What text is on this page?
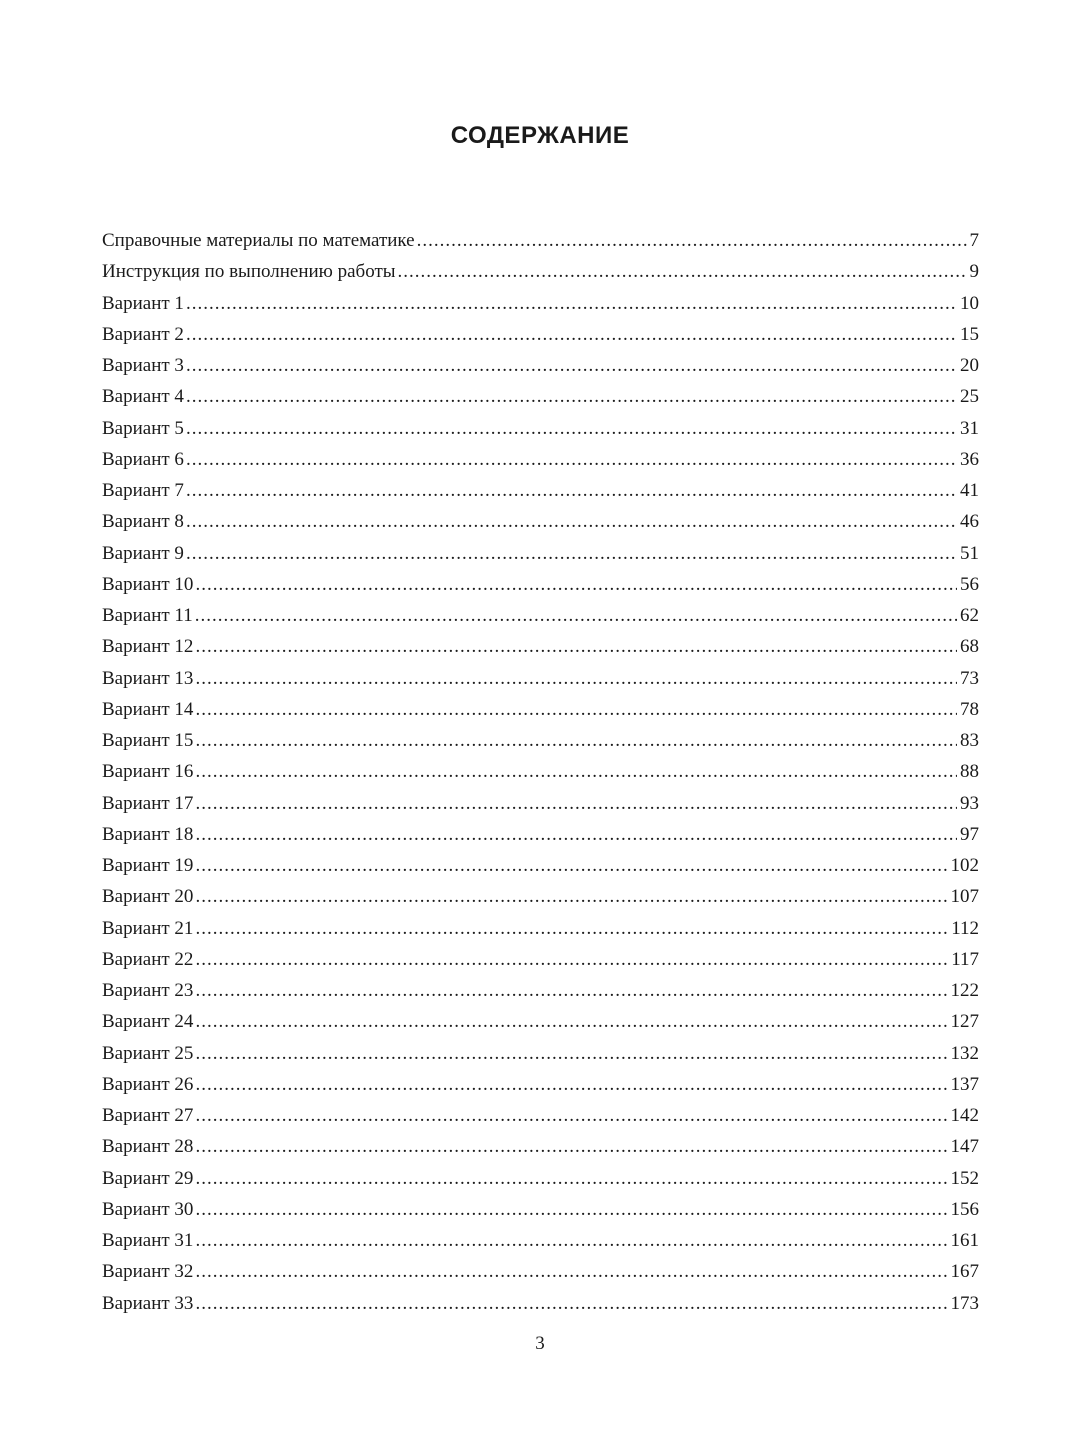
СОДЕРЖАНИЕ
Справочные материалы по математике .....	7
Инструкция по выполнению работы .....	9
Вариант 1 .....	10
Вариант 2 .....	15
Вариант 3 .....	20
Вариант 4 .....	25
Вариант 5 .....	31
Вариант 6 .....	36
Вариант 7 .....	41
Вариант 8 .....	46
Вариант 9 .....	51
Вариант 10 .....	56
Вариант 11 .....	62
Вариант 12 .....	68
Вариант 13 .....	73
Вариант 14 .....	78
Вариант 15 .....	83
Вариант 16 .....	88
Вариант 17 .....	93
Вариант 18 .....	97
Вариант 19 .....	102
Вариант 20 .....	107
Вариант 21 .....	112
Вариант 22 .....	117
Вариант 23 .....	122
Вариант 24 .....	127
Вариант 25 .....	132
Вариант 26 .....	137
Вариант 27 .....	142
Вариант 28 .....	147
Вариант 29 .....	152
Вариант 30 .....	156
Вариант 31 .....	161
Вариант 32 .....	167
Вариант 33 .....	173
3
